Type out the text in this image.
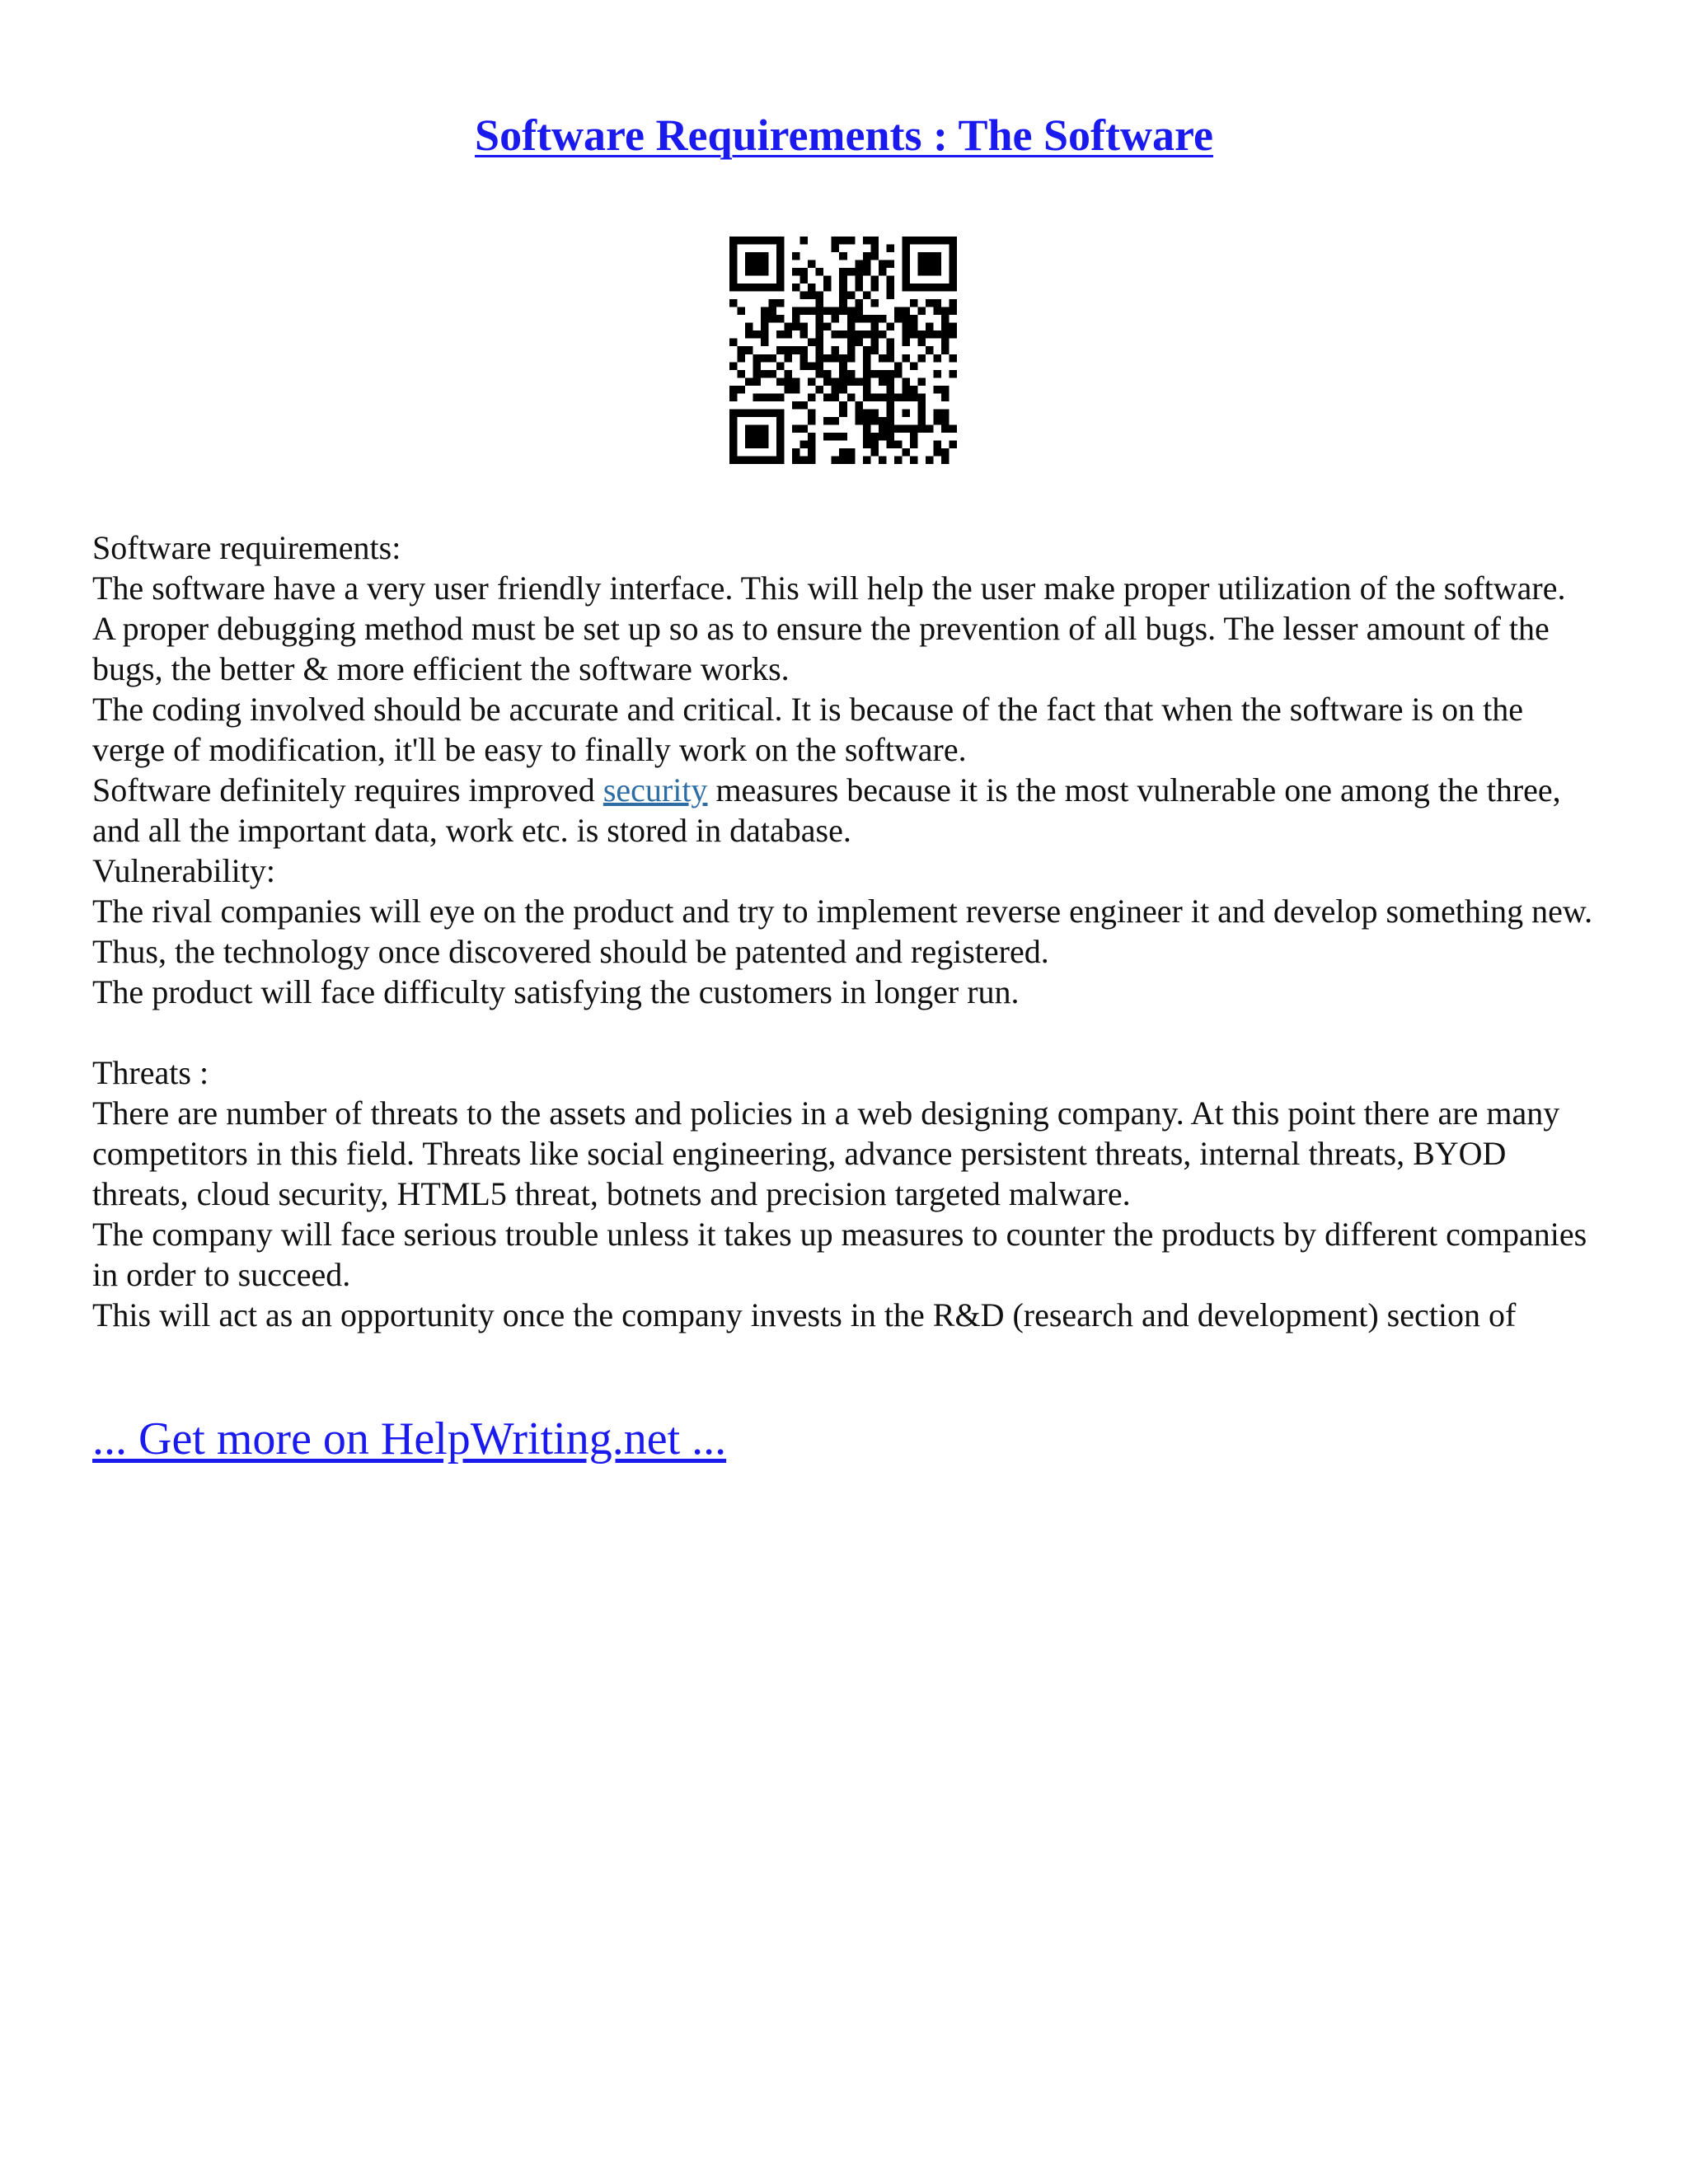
Software Requirements : The Software

Software requirements:

The software have a very user friendly interface. This will help the user make proper utilization of the software.

A proper debugging method must be set up so as to ensure the prevention of all bugs. The lesser amount of the bugs, the better & more efficient the software works.

The coding involved should be accurate and critical. It is because of the fact that when the software is on the verge of modification, it'll be easy to finally work on the software.

Software definitely requires improved security measures because it is the most vulnerable one among the three, and all the important data, work etc. is stored in database.

Vulnerability:

The rival companies will eye on the product and try to implement reverse engineer it and develop something new. Thus, the technology once discovered should be patented and registered.

The product will face difficulty satisfying the customers in longer run.

Threats :

There are number of threats to the assets and policies in a web designing company. At this point there are many competitors in this field. Threats like social engineering, advance persistent threats, internal threats, BYOD threats, cloud security, HTML5 threat, botnets and precision targeted malware.

The company will face serious trouble unless it takes up measures to counter the products by different companies in order to succeed.

This will act as an opportunity once the company invests in the R&D (research and development) section of

... Get more on HelpWriting.net ...
